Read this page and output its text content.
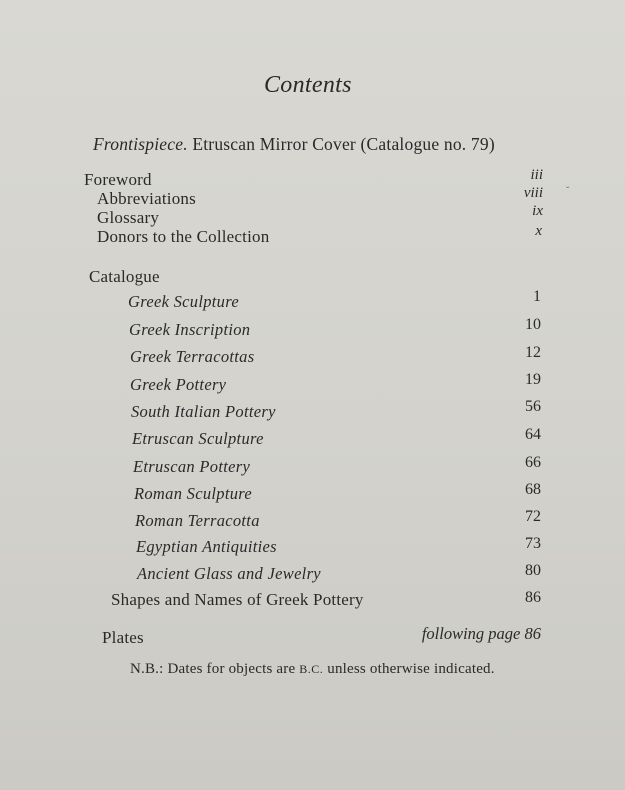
Contents
Frontispiece. Etruscan Mirror Cover (Catalogue no. 79)
Foreword	iii
Abbreviations	viii ˇ
Glossary	ix
Donors to the Collection	x
Catalogue
Greek Sculpture	1
Greek Inscription	10
Greek Terracottas	12
Greek Pottery	19
South Italian Pottery	56
Etruscan Sculpture	64
Etruscan Pottery	66
Roman Sculpture	68
Roman Terracotta	72
Egyptian Antiquities	73
Ancient Glass and Jewelry	80
Shapes and Names of Greek Pottery	86
Plates	following page 86
N.B.: Dates for objects are B.C. unless otherwise indicated.
